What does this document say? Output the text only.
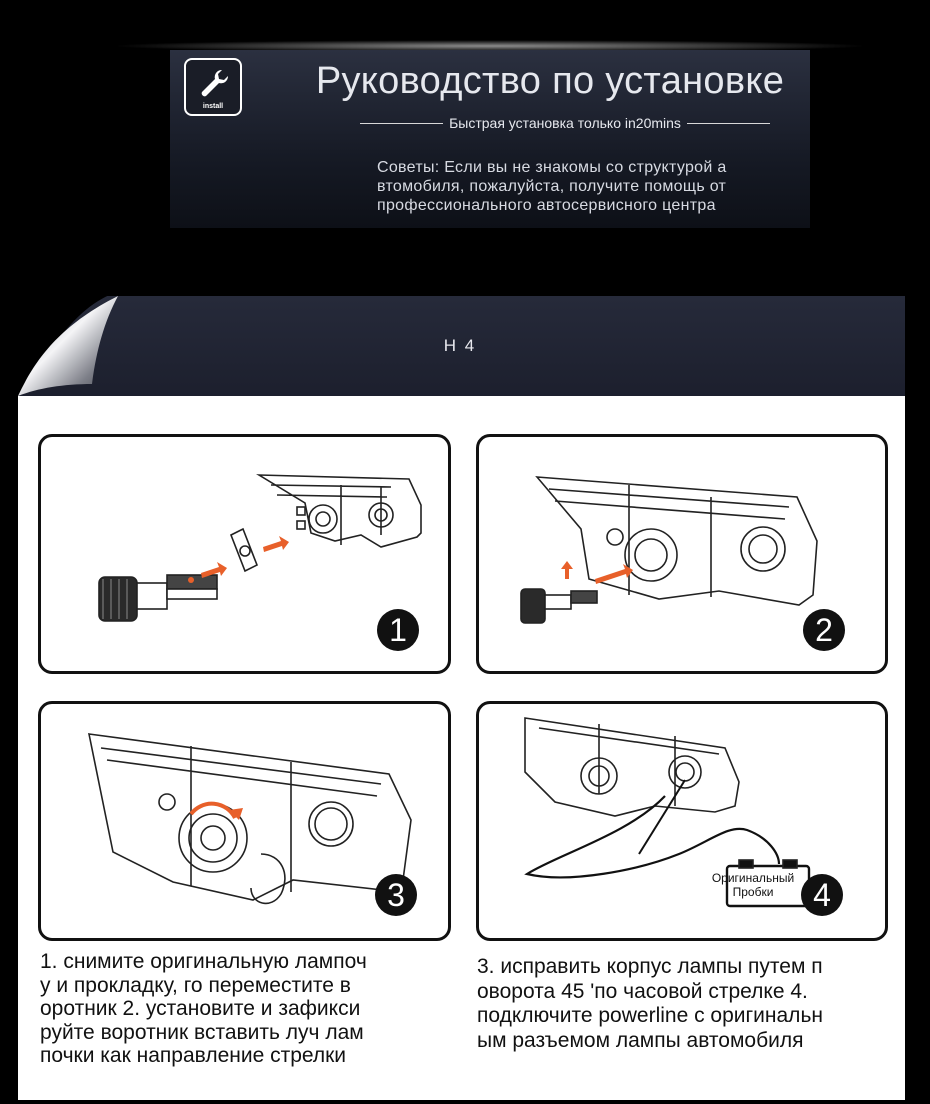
install
Руководство по установке
Быстрая установка только in20mins
Советы: Если вы не знакомы со структурой а
втомобиля, пожалуйста, получите помощь от
профессионального автосервисного центра
H 4
1	2
3	Оригинальный
Пробки	4
1. снимите оригинальную лампоч
у и прокладку, го переместите в
оротник 2. установите и зафикси
руйте воротник вставить луч лам
почки как направление стрелки
3. исправить корпус лампы путем п
оворота 45 'по часовой стрелке 4.
подключите powerline с оригинальн
ым разъемом лампы автомобиля
